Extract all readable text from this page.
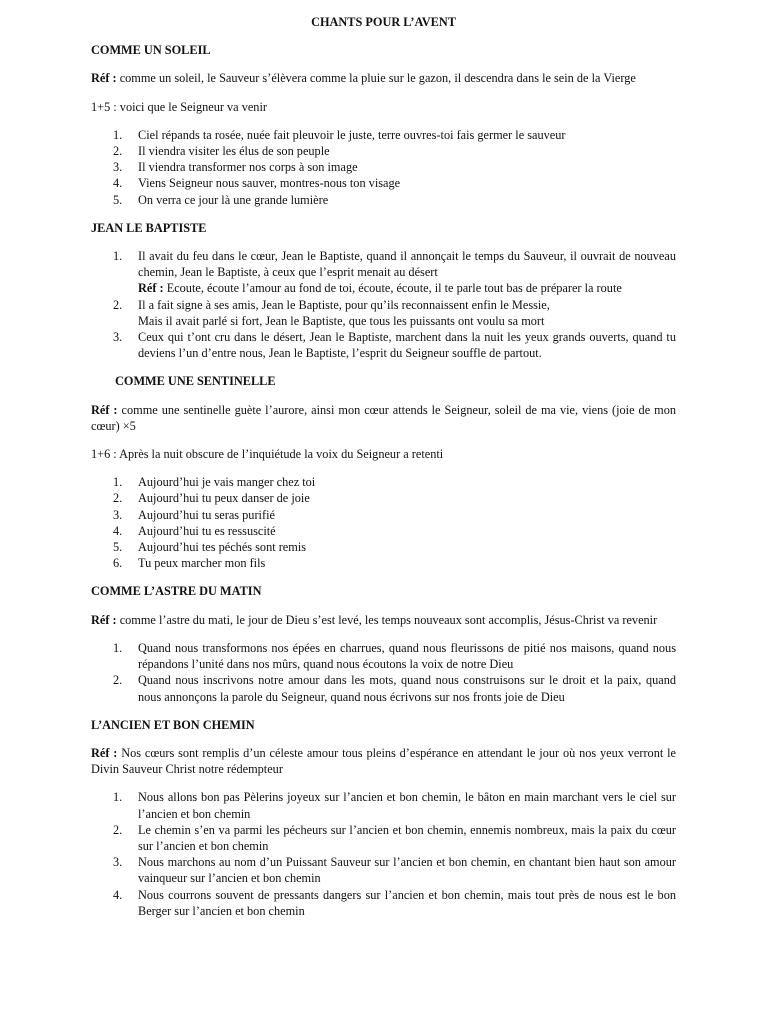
CHANTS POUR L’AVENT
COMME UN SOLEIL

Réf : comme un soleil, le Sauveur s’élèvera comme la pluie sur le gazon, il descendra dans le sein de la Vierge

1+5 : voici que le Seigneur va venir

1. Ciel répands ta rosée, nuée fait pleuvoir le juste, terre ouvres-toi fais germer le sauveur
2. Il viendra visiter les élus de son peuple
3. Il viendra transformer nos corps à son image
4. Viens Seigneur nous sauver, montres-nous ton visage
5. On verra ce jour là une grande lumière
JEAN LE BAPTISTE
1. Il avait du feu dans le cœur, Jean le Baptiste, quand il annonçait le temps du Sauveur, il ouvrait de nouveau chemin, Jean le Baptiste, à ceux que l’esprit menait au désert
Réf : Ecoute, écoute l’amour au fond de toi, écoute, écoute, il te parle tout bas de préparer la route
2. Il a fait signe à ses amis, Jean le Baptiste, pour qu’ils reconnaissent enfin le Messie,
Mais il avait parlé si fort, Jean le Baptiste, que tous les puissants ont voulu sa mort
3. Ceux qui t’ont cru dans le désert, Jean le Baptiste, marchent dans la nuit les yeux grands ouverts, quand tu deviens l’un d’entre nous, Jean le Baptiste, l’esprit du Seigneur souffle de partout.
COMME UNE SENTINELLE

Réf : comme une sentinelle guète l’aurore, ainsi mon cœur attends le Seigneur, soleil de ma vie, viens (joie de mon cœur) ×5

1+6 : Après la nuit obscure de l’inquiétude la voix du Seigneur a retenti

1. Aujourd’hui je vais manger chez toi
2. Aujourd’hui tu peux danser de joie
3. Aujourd’hui tu seras purifié
4. Aujourd’hui tu es ressuscité
5. Aujourd’hui tes péchés sont remis
6. Tu peux marcher mon fils
COMME L’ASTRE DU MATIN

Réf : comme l’astre du mati, le jour de Dieu s’est levé, les temps nouveaux sont accomplis, Jésus-Christ va revenir

1. Quand nous transformons nos épées en charrues, quand nous fleurissons de pitié nos maisons, quand nous répandons l’unité dans nos mûrs, quand nous écoutons la voix de notre Dieu
2. Quand nous inscrivons notre amour dans les mots, quand nous construisons sur le droit et la paix, quand nous annonçons la parole du Seigneur, quand nous écrivons sur nos fronts joie de Dieu
L’ANCIEN ET BON CHEMIN

Réf : Nos cœurs sont remplis d’un céleste amour tous pleins d’espérance en attendant le jour où nos yeux verront le Divin Sauveur Christ notre rédempteur

1. Nous allons bon pas Pèlerins joyeux sur l’ancien et bon chemin, le bâton en main marchant vers le ciel sur l’ancien et bon chemin
2. Le chemin s’en va parmi les pécheurs sur l’ancien et bon chemin, ennemis nombreux, mais la paix du cœur sur l’ancien et bon chemin
3. Nous marchons au nom d’un Puissant Sauveur sur l’ancien et bon chemin, en chantant bien haut son amour vainqueur sur l’ancien et bon chemin
4. Nous courrons souvent de pressants dangers sur l’ancien et bon chemin, mais tout près de nous est le bon Berger sur l’ancien et bon chemin
